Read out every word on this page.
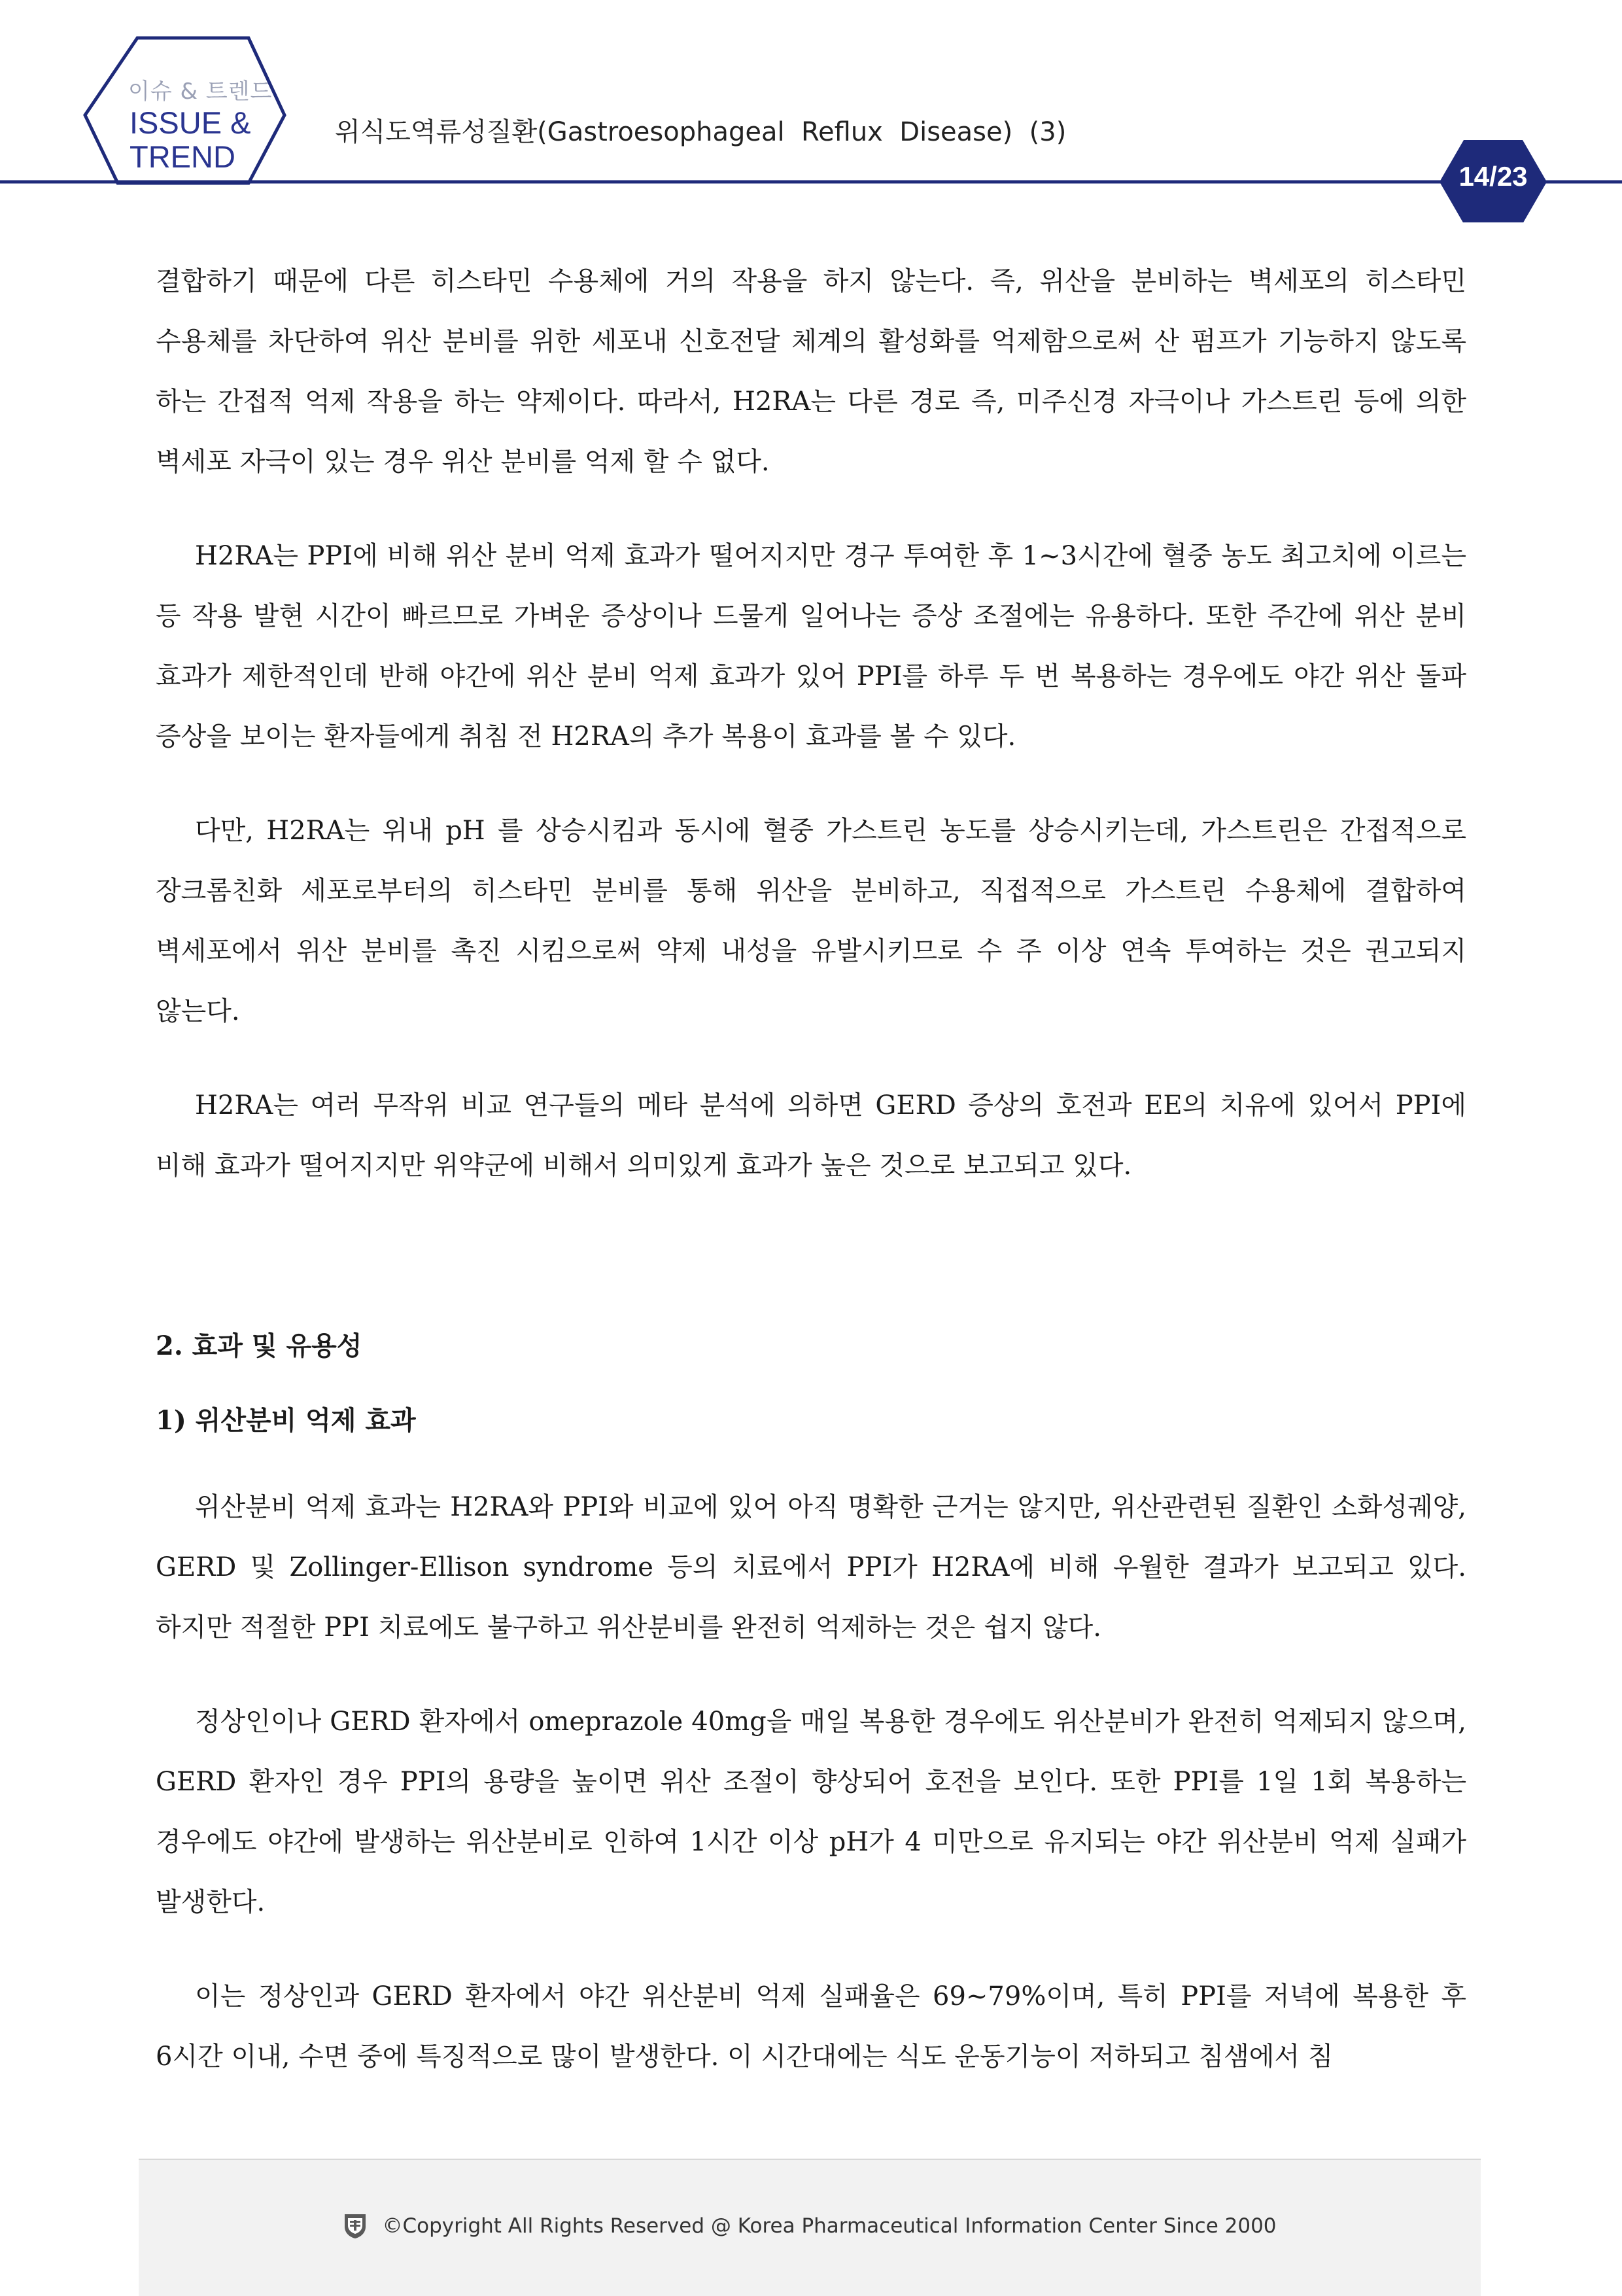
이슈 & 트렌드
ISSUE &
TREND
위식도역류성질환(Gastroesophageal  Reflux  Disease)  (3)
14/23

결합하기 때문에 다른 히스타민 수용체에 거의 작용을 하지 않는다. 즉, 위산을 분비하는 벽세포의 히스타민 수용체를 차단하여 위산 분비를 위한 세포내 신호전달 체계의 활성화를 억제함으로써 산 펌프가 기능하지 않도록 하는 간접적 억제 작용을 하는 약제이다. 따라서, H2RA는 다른 경로 즉, 미주신경 자극이나 가스트린 등에 의한 벽세포 자극이 있는 경우 위산 분비를 억제 할 수 없다.

H2RA는 PPI에 비해 위산 분비 억제 효과가 떨어지지만 경구 투여한 후 1~3시간에 혈중 농도 최고치에 이르는 등 작용 발현 시간이 빠르므로 가벼운 증상이나 드물게 일어나는 증상 조절에는 유용하다. 또한 주간에 위산 분비 효과가 제한적인데 반해 야간에 위산 분비 억제 효과가 있어 PPI를 하루 두 번 복용하는 경우에도 야간 위산 돌파 증상을 보이는 환자들에게 취침 전 H2RA의 추가 복용이 효과를 볼 수 있다.

다만, H2RA는 위내 pH 를 상승시킴과 동시에 혈중 가스트린 농도를 상승시키는데, 가스트린은 간접적으로 장크롬친화 세포로부터의 히스타민 분비를 통해 위산을 분비하고, 직접적으로 가스트린 수용체에 결합하여 벽세포에서 위산 분비를 촉진 시킴으로써 약제 내성을 유발시키므로 수 주 이상 연속 투여하는 것은 권고되지 않는다.

H2RA는 여러 무작위 비교 연구들의 메타 분석에 의하면 GERD 증상의 호전과 EE의 치유에 있어서 PPI에 비해 효과가 떨어지지만 위약군에 비해서 의미있게 효과가 높은 것으로 보고되고 있다.

2. 효과 및 유용성

1) 위산분비 억제 효과

위산분비 억제 효과는 H2RA와 PPI와 비교에 있어 아직 명확한 근거는 않지만, 위산관련된 질환인 소화성궤양, GERD 및 Zollinger-Ellison syndrome 등의 치료에서 PPI가 H2RA에 비해 우월한 결과가 보고되고 있다. 하지만 적절한 PPI 치료에도 불구하고 위산분비를 완전히 억제하는 것은 쉽지 않다.

정상인이나 GERD 환자에서 omeprazole 40mg을 매일 복용한 경우에도 위산분비가 완전히 억제되지 않으며, GERD 환자인 경우 PPI의 용량을 높이면 위산 조절이 향상되어 호전을 보인다. 또한 PPI를 1일 1회 복용하는 경우에도 야간에 발생하는 위산분비로 인하여 1시간 이상 pH가 4 미만으로 유지되는 야간 위산분비 억제 실패가 발생한다.

이는 정상인과 GERD 환자에서 야간 위산분비 억제 실패율은 69~79%이며, 특히 PPI를 저녁에 복용한 후 6시간 이내, 수면 중에 특징적으로 많이 발생한다. 이 시간대에는 식도 운동기능이 저하되고 침샘에서 침

©Copyright All Rights Reserved @ Korea Pharmaceutical Information Center Since 2000
